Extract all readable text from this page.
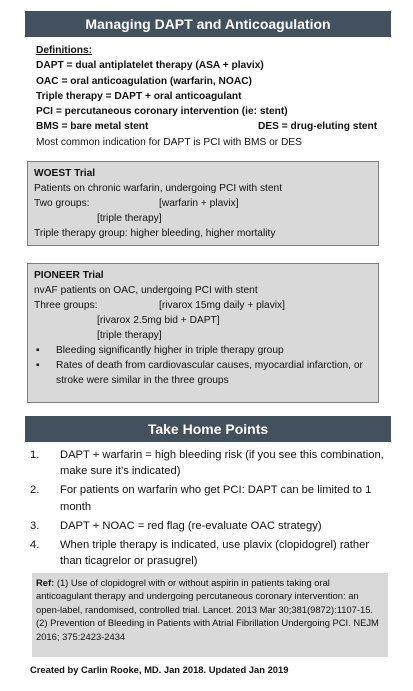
Managing DAPT and Anticoagulation
Definitions:
DAPT = dual antiplatelet therapy (ASA + plavix)
OAC = oral anticoagulation (warfarin, NOAC)
Triple therapy = DAPT + oral anticoagulant
PCI = percutaneous coronary intervention (ie: stent)
BMS = bare metal stent	DES = drug-eluting stent
Most common indication for DAPT is PCI with BMS or DES
WOEST Trial
Patients on chronic warfarin, undergoing PCI with stent
Two groups:	[warfarin + plavix]
[triple therapy]
Triple therapy group: higher bleeding, higher mortality
PIONEER Trial
nvAF patients on OAC, undergoing PCI with stent
Three groups:	[rivarox 15mg daily + plavix]
[rivarox 2.5mg bid + DAPT]
[triple therapy]
▪	Bleeding significantly higher in triple therapy group
▪	Rates of death from cardiovascular causes, myocardial infarction, or stroke were similar in the three groups
Take Home Points
1.	DAPT + warfarin = high bleeding risk (if you see this combination, make sure it’s indicated)
2.	For patients on warfarin who get PCI: DAPT can be limited to 1 month
3.	DAPT + NOAC = red flag (re-evaluate OAC strategy)
4.	When triple therapy is indicated, use plavix (clopidogrel) rather than ticagrelor or prasugrel)
Ref: (1) Use of clopidogrel with or without aspirin in patients taking oral anticoagulant therapy and undergoing percutaneous coronary intervention: an open-label, randomised, controlled trial. Lancet. 2013 Mar 30;381(9872):1107-15. (2) Prevention of Bleeding in Patients with Atrial Fibrillation Undergoing PCI. NEJM 2016; 375:2423-2434
Created by Carlin Rooke, MD. Jan 2018. Updated Jan 2019
